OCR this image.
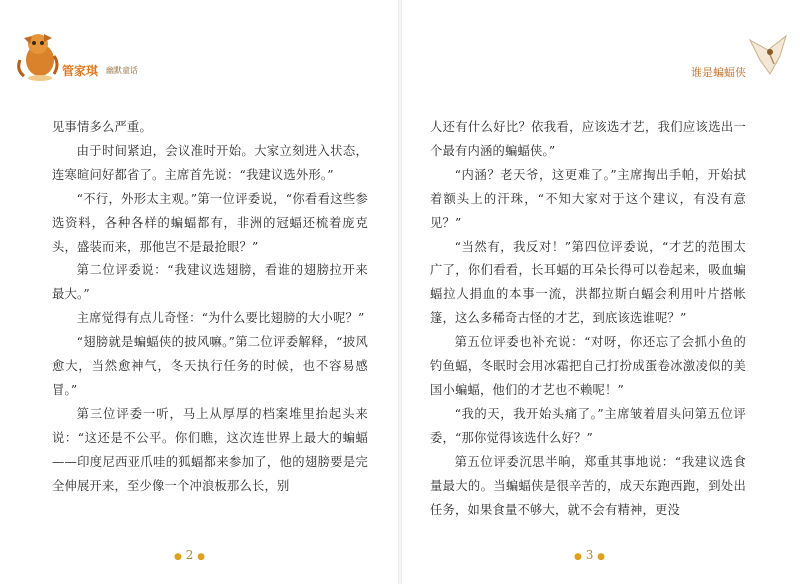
管家琪 幽默童话

见事情多么严重。

由于时间紧迫，会议准时开始。大家立刻进入状态，连寒暄问好都省了。主席首先说：“我建议选外形。”

“不行，外形太主观。”第一位评委说，“你看看这些参选资料，各种各样的蝙蝠都有，非洲的冠蝠还梳着庞克头，盛装而来，那他岂不是最抢眼？”

第二位评委说：“我建议选翅膀，看谁的翅膀拉开来最大。”

主席觉得有点儿奇怪：“为什么要比翅膀的大小呢？”

“翅膀就是蝙蝠侠的披风嘛。”第二位评委解释，“披风愈大，当然愈神气，冬天执行任务的时候，也不容易感冒。”

第三位评委一听，马上从厚厚的档案堆里抬起头来说：“这还是不公平。你们瞧，这次连世界上最大的蝙蝠——印度尼西亚爪哇的狐蝠都来参加了，他的翅膀要是完全伸展开来，至少像一个冲浪板那么长，别

● 2 ●
谁是蝙蝠侠

人还有什么好比？依我看，应该选才艺，我们应该选出一个最有内涵的蝙蝠侠。”

“内涵？老天爷，这更难了。”主席掏出手帕，开始拭着额头上的汗珠，“不知大家对于这个建议，有没有意见？”

“当然有，我反对！”第四位评委说，“才艺的范围太广了，你们看看，长耳蝠的耳朵长得可以卷起来，吸血蝙蝠拉人捐血的本事一流，洪都拉斯白蝠会利用叶片搭帐篷，这么多稀奇古怪的才艺，到底该选谁呢？”

第五位评委也补充说：“对呀，你还忘了会抓小鱼的钓鱼蝠，冬眠时会用冰霜把自己打扮成蛋卷冰激凌似的美国小蝙蝠，他们的才艺也不赖呢！”

“我的天，我开始头痛了。”主席皱着眉头问第五位评委，“那你觉得该选什么好？”

第五位评委沉思半晌，郑重其事地说：“我建议选食量最大的。当蝙蝠侠是很辛苦的，成天东跑西跑，到处出任务，如果食量不够大，就不会有精神，更没

● 3 ●
